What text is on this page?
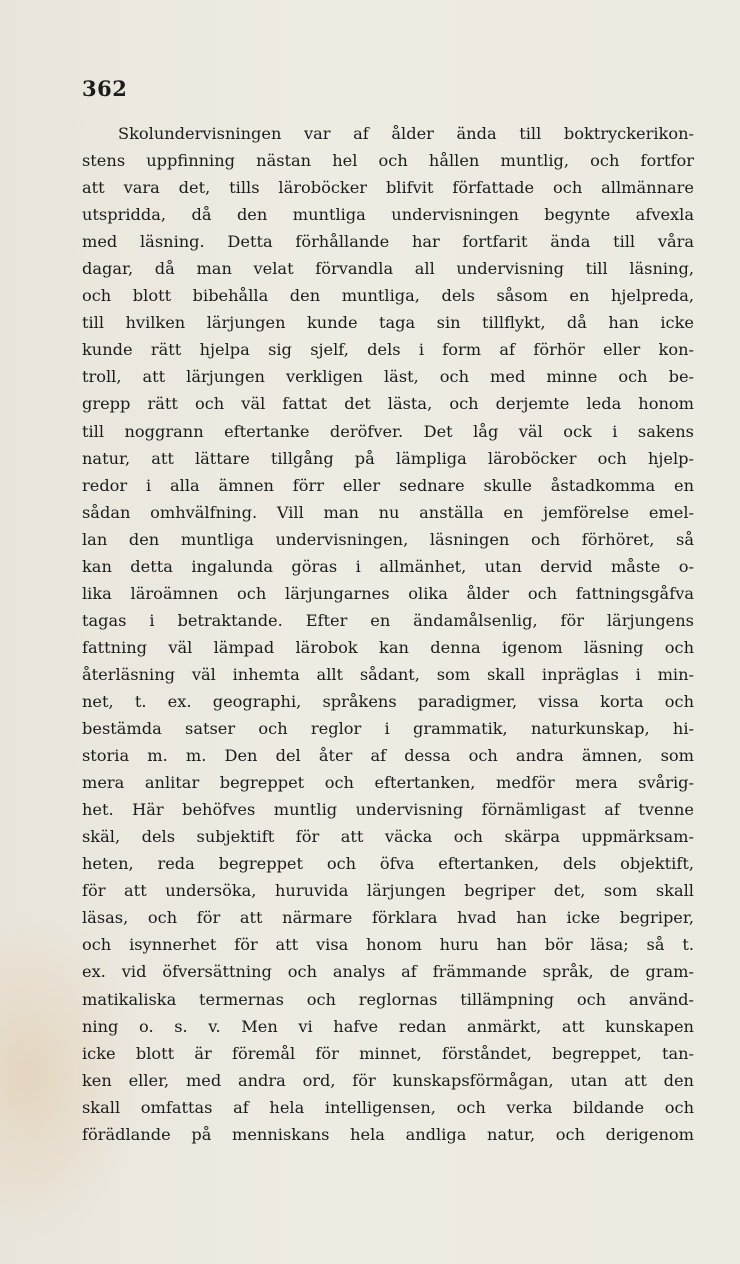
362
Skolundervisningen var af ålder ända till boktryckerikon-
stens uppfinning nästan hel och hållen muntlig, och fortfor
att vara det, tills läroböcker blifvit författade och allmännare
utspridda, då den muntliga undervisningen begynte afvexla
med läsning. Detta förhållande har fortfarit ända till våra
dagar, då man velat förvandla all undervisning till läsning,
och blott bibehålla den muntliga, dels såsom en hjelpreda,
till hvilken lärjungen kunde taga sin tillflykt, då han icke
kunde rätt hjelpa sig sjelf, dels i form af förhör eller kon-
troll, att lärjungen verkligen läst, och med minne och be-
grepp rätt och väl fattat det lästa, och derjemte leda honom
till noggrann eftertanke deröfver. Det låg väl ock i sakens
natur, att lättare tillgång på lämpliga läroböcker och hjelp-
redor i alla ämnen förr eller sednare skulle åstadkomma en
sådan omhvälfning. Vill man nu anställa en jemförelse emel-
lan den muntliga undervisningen, läsningen och förhöret, så
kan detta ingalunda göras i allmänhet, utan dervid måste o-
lika läroämnen och lärjungarnes olika ålder och fattningsgåfva
tagas i betraktande. Efter en ändamålsenlig, för lärjungens
fattning väl lämpad lärobok kan denna igenom läsning och
återläsning väl inhemta allt sådant, som skall inpräglas i min-
net, t. ex. geographi, språkens paradigmer, vissa korta och
bestämda satser och reglor i grammatik, naturkunskap, hi-
storia m. m. Den del åter af dessa och andra ämnen, som
mera anlitar begreppet och eftertanken, medför mera svårig-
het. Här behöfves muntlig undervisning förnämligast af tvenne
skäl, dels subjektift för att väcka och skärpa uppmärksam-
heten, reda begreppet och öfva eftertanken, dels objektift,
för att undersöka, huruvida lärjungen begriper det, som skall
läsas, och för att närmare förklara hvad han icke begriper,
och isynnerhet för att visa honom huru han bör läsa; så t.
ex. vid öfversättning och analys af främmande språk, de gram-
matikaliska termernas och reglornas tillämpning och använd-
ning o. s. v. Men vi hafve redan anmärkt, att kunskapen
icke blott är föremål för minnet, förståndet, begreppet, tan-
ken eller, med andra ord, för kunskapsförmågan, utan att den
skall omfattas af hela intelligensen, och verka bildande och
förädlande på menniskans hela andliga natur, och derigenom
